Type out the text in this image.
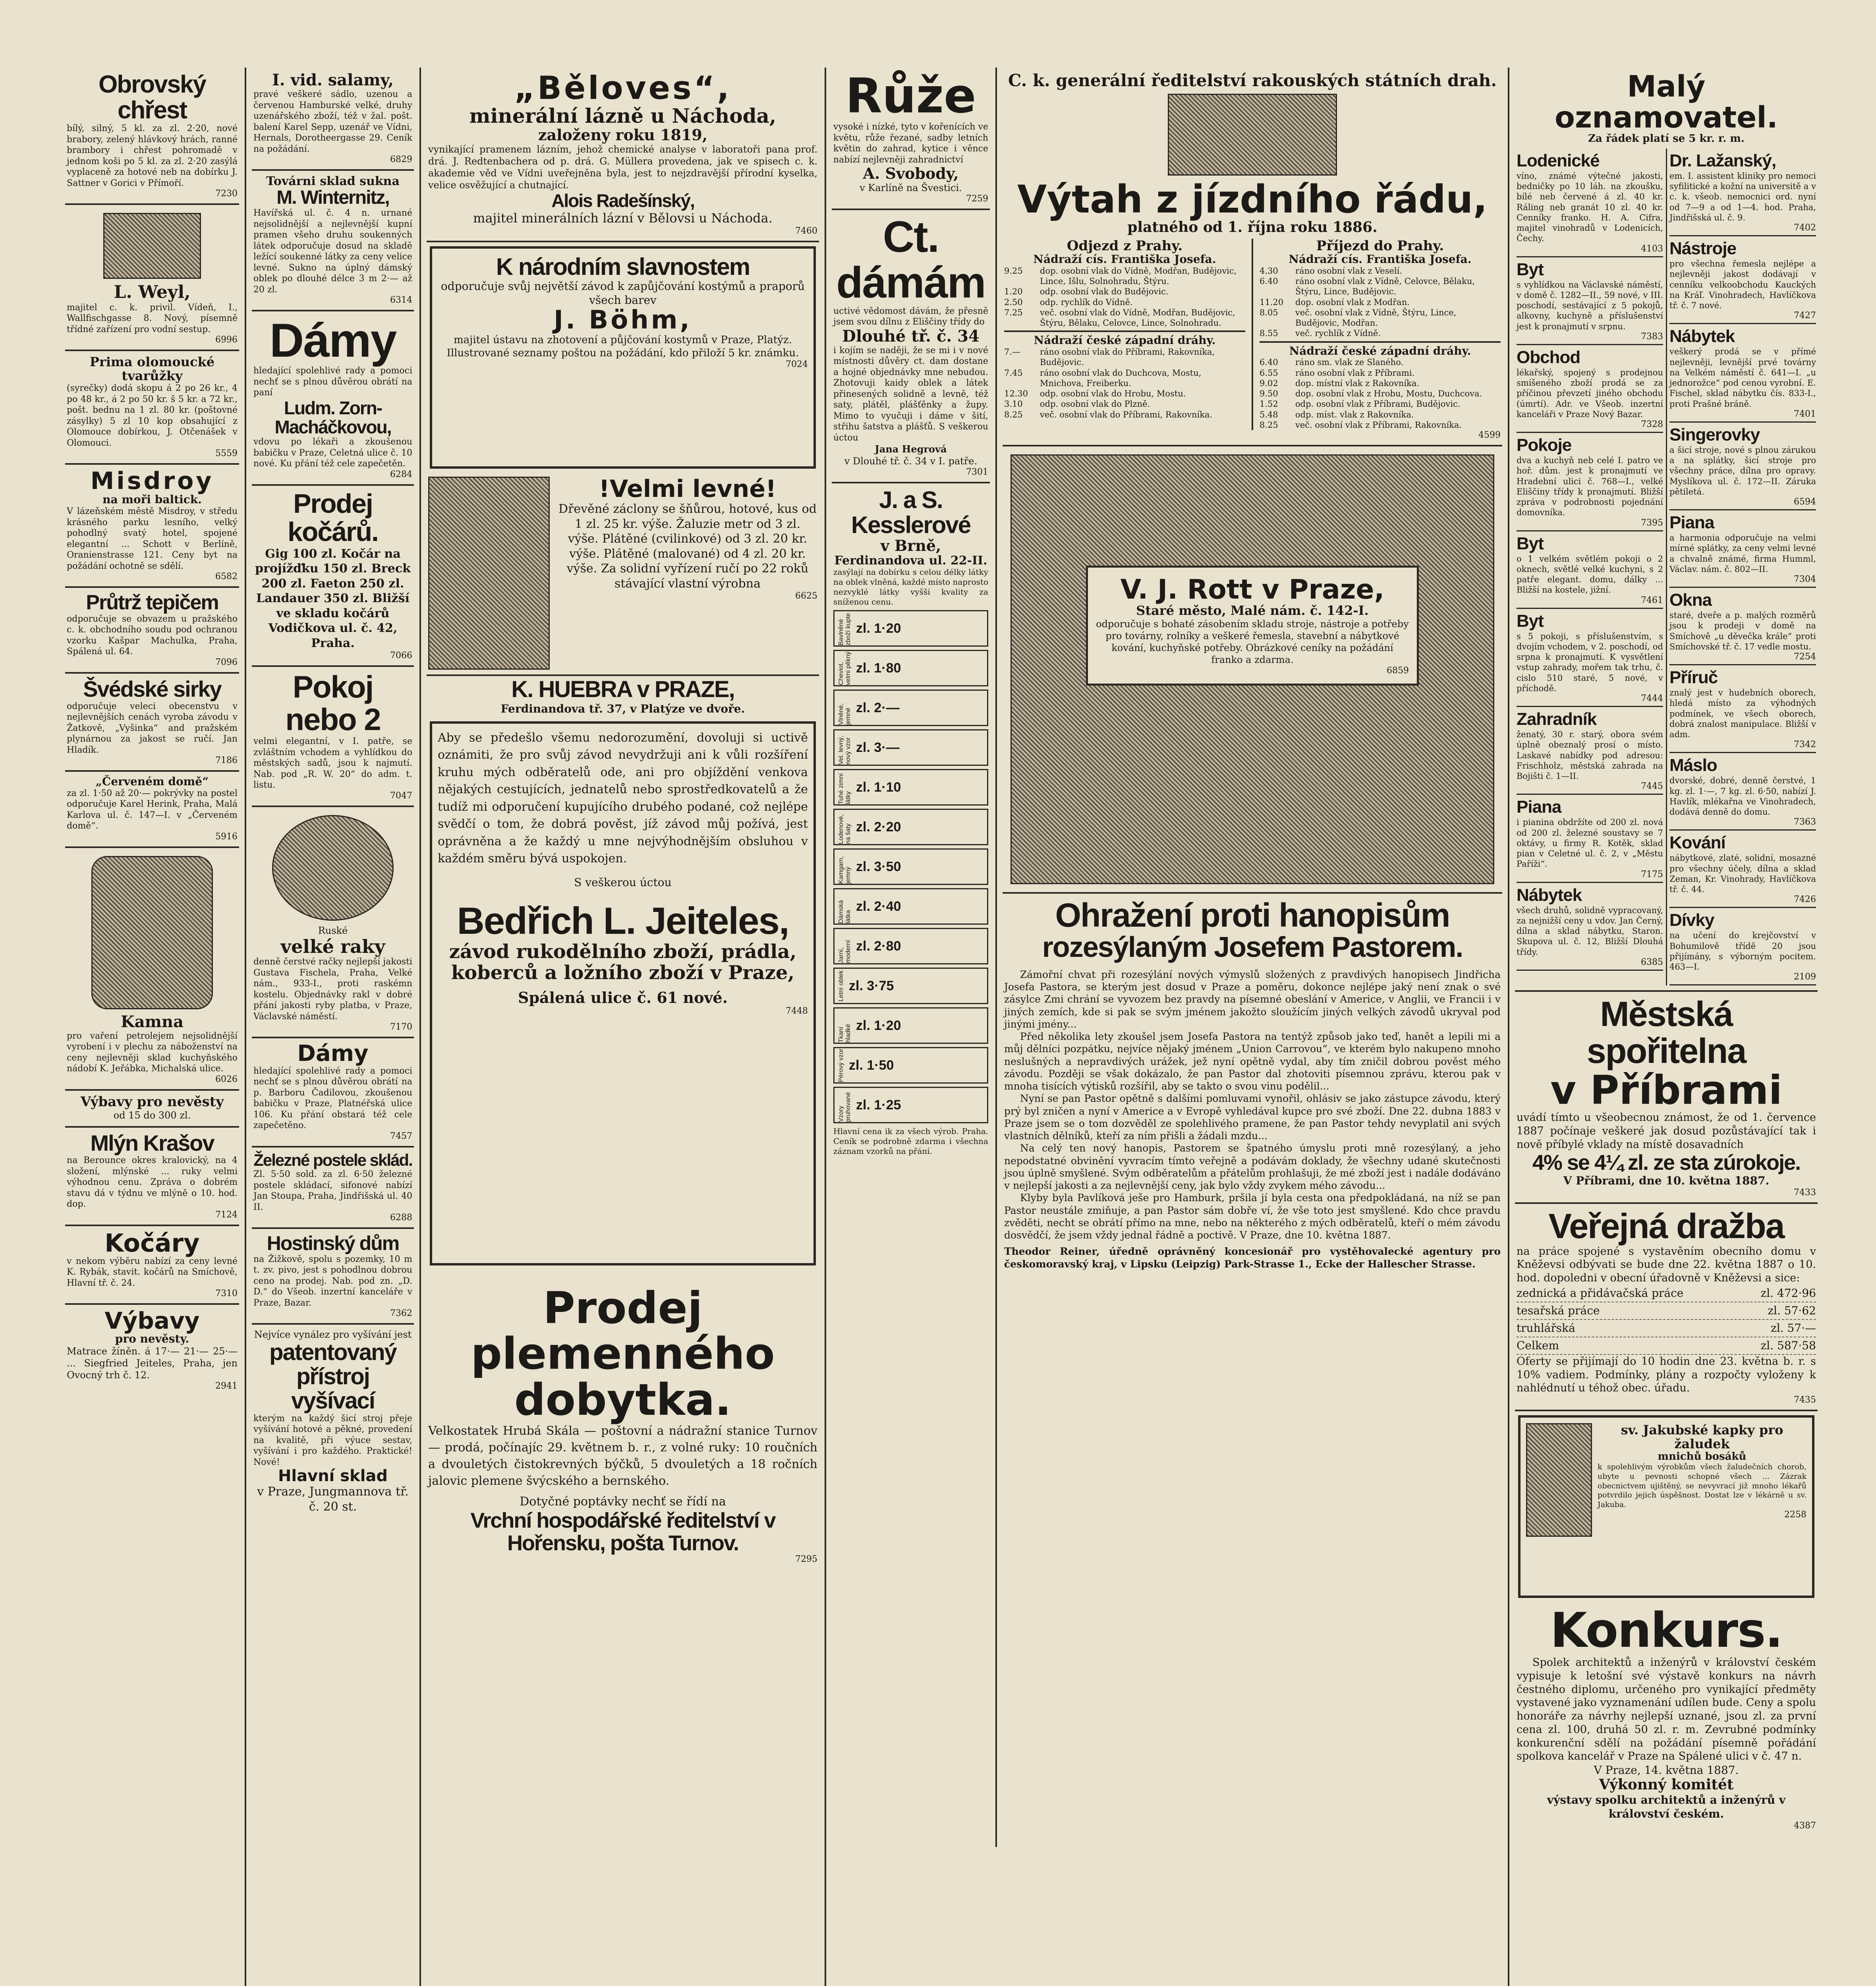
Obrovský chřest
bílý, silný, 5 kl. za zl. 2·20, nové brabory, zelený hlávkový hrách, ranné brambory i chřest pohromadě v jednom koši po 5 kl. za zl. 2·20 zasýlá vyplaceně za hotové neb na dobírku J. Sattner v Gorici v Přímoří.
7230
L. Weyl,
majitel c. k. privil. Vídeň, I., Wallfischgasse 8. Nový, písemně třídné zařízení pro vodní sestup.
6996
Prima olomoucké tvarůžky
(syrečky) dodá skopu á 2 po 26 kr., 4 po 48 kr., á 2 po 50 kr. š 5 kr. a 72 kr., pošt. bednu na 1 zl. 80 kr. (poštovné zásylky) 5 zl 10 kop obsahující z Olomouce dobírkou, J. Otčenášek v Olomouci.
5559
Misdroy
na moři baltick.
V lázeňském městě Misdroy, v středu krásného parku lesního, velký pohodlný svatý hotel, spojené elegantní ... Schott v Berlíně, Oranienstrasse 121. Ceny byt na požádání ochotně se sdělí.
6582
Průtrž tepičem
odporučuje se obvazem u pražského c. k. obchodního soudu pod ochranou vzorku Kašpar Machulka, Praha, Spálená ul. 64.
7096
Švédské sirky
odporučuje veleci obecenstvu v nejlevnějších cenách vyroba závodu v Žatkově, „Vyšinka“ and pražském plynárnou za jakost se ručí. Jan Hladík.
7186
„Červeném domě“
za zl. 1·50 až 20·— pokrývky na postel odporučuje Karel Herink, Praha, Malá Karlova ul. č. 147—I. v „Červeném domě“.
5916
Kamna
pro vaření petrolejem nejsolidnější vyrobení i v plechu za náboženství na ceny nejlevněji sklad kuchyňského nádobí K. Jeřábka, Michalská ulice.
6026
Výbavy pro nevěsty
od 15 do 300 zl.
Mlýn Krašov
na Berounce okres kralovický, na 4 složení, mlýnské ... ruky velmi výhodnou cenu. Zpráva o dobrém stavu dá v týdnu ve mlýně o 10. hod. dop.
7124
Kočáry
v nekom výběru nabízí za ceny levné K. Rybák, stavit. kočárů na Smíchově, Hlavní tř. č. 24.
7310
Výbavy
pro nevěsty.
Matrace žíněn. á 17·— 21·— 25·— ... Siegfried Jeiteles, Praha, jen Ovocný trh č. 12.
2941
I. vid. salamy,
pravé veškeré sádlo, uzenou a červenou Hamburské velké, druhy uzenářského zboží, též v žal. pošt. balení Karel Sepp, uzenář ve Vídni, Hernals, Dorotheergasse 29. Ceník na požádání.
6829
Továrni sklad sukna
M. Winternitz,
Havířská ul. č. 4 n. urnané nejsolidnější a nejlevnější kupní pramen všeho druhu soukenných látek odporučuje dosud na skladě ležící soukenné látky za ceny velice levné. Sukno na úplný dámský oblek po dlouhé délce 3 m 2·— až 20 zl.
6314
Dámy
hledající spolehlivé rady a pomoci nechť se s plnou důvěrou obrátí na paní
Ludm. Zorn-Macháčkovou,
vdovu po lékaři a zkoušenou babičku v Praze, Celetná ulice č. 10 nové. Ku přání též cele zapečetěn.
6284
Prodej kočárů.
Gig 100 zl. Kočár na projížďku 150 zl. Breck 200 zl. Faeton 250 zl. Landauer 350 zl. Bližší ve skladu kočárů Vodičkova ul. č. 42, Praha.
7066
Pokoj nebo 2
velmi elegantní, v I. patře, se zvláštním vchodem a vyhlídkou do městských sadů, jsou k najmutí. Nab. pod „R. W. 20“ do adm. t. listu.
7047
Ruské
velké raky
denně čerstvé račky nejlepší jakosti Gustava Fischela, Praha, Velké nám., 933-I., proti raskémn kostelu. Objednávky rakl v dobré přání jakosti ryby platba, v Praze, Václavské náměstí.
7170
Dámy
hledající spolehlivé rady a pomoci nechť se s plnou důvěrou obrátí na p. Barboru Čadilovou, zkoušenou babičku v Praze, Platnéřská ulice 106. Ku přání obstará též cele zapečetěno.
7457
Železné postele sklád.
Zl. 5·50 sold. za zl. 6·50 železné postele skládací, sifonové nabízí Jan Stoupa, Praha, Jindřišská ul. 40 II.
6288
Hostinský dům
na Žižkově, spolu s pozemky, 10 m t. zv. pivo, jest s pohodlnou dobrou ceno na prodej. Nab. pod zn. „D. D.“ do Všeob. inzertní kanceláře v Praze, Bazar.
7362
Nejvíce vynález pro vyšívání jest
patentovaný přístroj vyšívací
kterým na každý šicí stroj přeje vyšívání hotové a pěkné, provedení na kvalitě, při výuce sestav, vyšívání i pro každého. Praktické! Nové!
Hlavní sklad
v Praze, Jungmannova tř. č. 20 st.
„Běloves“,
minerální lázně u Náchoda,
založeny roku 1819,
vynikající pramenem lázním, jehož chemické analyse v laboratoři pana prof. drá. J. Redtenbachera od p. drá. G. Müllera provedena, jak ve spisech c. k. akademie věd ve Vídni uveřejněna byla, jest to nejzdravější přírodní kyselka, velice osvěžující a chutnající.
Alois Radešínský,
majitel minerálních lázní v Bělovsi u Náchoda.
7460
K národním slavnostem
odporučuje svůj největší závod k zapůjčování kostýmů a praporů všech barev
J. Böhm,
majitel ústavu na zhotovení a půjčování kostymů v Praze, Platýz. Illustrované seznamy poštou na požádání, kdo přiloží 5 kr. známku.
7024
!Velmi levné!
Dřevěné záclony se šňůrou, hotové, kus od 1 zl. 25 kr. výše. Žaluzie metr od 3 zl. výše. Plátěné (cvilinkové) od 3 zl. 20 kr. výše. Plátěné (malované) od 4 zl. 20 kr. výše. Za solidní vyřízení ručí po 22 roků stávající vlastní výrobna
6625
K. HUEBRA v PRAZE,
Ferdinandova tř. 37, v Platýze ve dvoře.
Aby se předešlo všemu nedorozumění, dovoluji si uctivě oznámiti, že pro svůj závod nevydržuji ani k vůli rozšíření kruhu mých odběratelů ode, ani pro objíždění venkova nějakých cestujících, jednatelů nebo sprostředkovatelů a že tudíž mi odporučení kupujícího drubého podané, což nejlépe svědčí o tom, že dobrá pověst, jíž závod můj požívá, jest oprávněna a že každý u mne nejvýhodnějším obsluhou v každém směru bývá uspokojen.
S veškerou úctou
Bedřich L. Jeiteles,
závod rukodělního zboží, prádla, koberců a ložního zboží v Praze,
Spálená ulice č. 61 nové.
7448
Prodej plemenného dobytka.
Velkostatek Hrubá Skála — poštovní a nádražní stanice Turnov — prodá, počínajíc 29. květnem b. r., z volné ruky: 10 roučních a dvouletých čistokrevných býčků, 5 dvouletých a 18 ročních jalovic plemene švýcského a bernského.
Dotyčné poptávky nechť se řídí na
Vrchní hospodářské ředitelství v Hořensku, pošta Turnov.
7295
Růže
vysoké i nízké, tyto v kořenících ve květu, růže řezané, sadby letních květin do zahrad, kytice i věnce nabízí nejlevněji zahradnictví
A. Svobody,
v Karlíně na Švestici.
7259
Ct. dámám
uctivé vědomost dávám, že přesně jsem svou dílnu z Eliščiny třídy do
Dlouhé tř. č. 34
i kojím se naději, že se mi i v nové místnosti důvěry ct. dam dostane a hojné objednávky mne nebudou. Zhotovuji kaidy oblek a látek přinesených solidně a levně, též saty, plátěl, plášťěnky a župy. Mimo to vyučuji i dáme v šití, střihu šatstva a plášťů. S veškerou úctou
Jana Hegrová
v Dlouhé tř. č. 34 v I. patře.
7301
J. a S. Kesslerové
v Brně,
Ferdinandova ul. 22-II.
zasýlají na dobírku s celou délky látky na oblek vlněná, každé místo naprosto nezvyklé látky vyšší kvality za sníženou cenu.
Bavlněné zboží kupte zl. 1·20
Cheviot, velmi pěkný zl. 1·80
Vlněné, jemné zl. 2·—
Vel. levný, nový vzor zl. 3·—
Tuhé zimní látky
zl. 1·10
Lodenové, na šaty zl. 2·20
Kamgarn, jemný
zl. 3·50
Dámská látka
zl. 2·40
Jarní, moderní zl. 2·80
Letní oblek zl. 3·75
Tkaní hladké zl. 1·20
Pérový vzor zl. 1·50
Vzory pruhované zl. 1·25
Hlavní cena ik za všech výrob. Praha. Ceník se podrobně zdarma i všechna záznam vzorků na přání.
C. k. generální ředitelství rakouských státních drah.
Výtah z jízdního řádu,
platného od 1. října roku 1886.
Odjezd z Prahy.
Nádraží cís. Františka Josefa.
9.25	dop. osobní vlak do Vídně, Modřan, Budějovic, Lince, Išlu, Solnohradu, Štýru.
1.20	odp. osobní vlak do Budějovic.
2.50	odp. rychlík do Vídně.
7.25	več. osobní vlak do Vídně, Modřan, Budějovic, Štýru, Bělaku, Celovce, Lince, Solnohradu.
Nádraží české západní dráhy.
7.—	ráno osobní vlak do Příbrami, Rakovníka, Budějovic.
7.45	ráno osobní vlak do Duchcova, Mostu, Mnichova, Freiberku.
12.30	odp. osobní vlak do Hrobu, Mostu.
3.10	odp. osobní vlak do Plzně.
8.25	več. osobní vlak do Příbrami, Rakovníka.
Příjezd do Prahy.
Nádraží cís. Františka Josefa.
4.30	ráno osobní vlak z Veselí.
6.40	ráno osobní vlak z Vídně, Celovce, Bělaku, Štýru, Lince, Budějovic.
11.20	dop. osobní vlak z Modřan.
8.05	več. osobní vlak z Vídně, Štýru, Lince, Budějovic, Modřan.
8.55	več. rychlík z Vídně.
Nádraží české západní dráhy.
6.40	ráno sm. vlak ze Slaného.
6.55	ráno osobní vlak z Příbrami.
9.02	dop. místní vlak z Rakovníka.
9.50	dop. osobní vlak z Hrobu, Mostu, Duchcova.
1.52	odp. osobní vlak z Příbrami, Budějovic.
5.48	odp. míst. vlak z Rakovníka.
8.25	več. osobní vlak z Příbrami, Rakovníka.
4599
V. J. Rott v Praze,
Staré město, Malé nám. č. 142-I.
odporučuje s bohaté zásobením skladu stroje, nástroje a potřeby pro továrny, rolníky a veškeré řemesla, stavební a nábytkové kování, kuchyňské potřeby. Obrázkové ceníky na požádání franko a zdarma.
6859
Ohražení proti hanopisům
rozesýlaným Josefem Pastorem.
Zámořní chvat při rozesýlání nových výmyslů složených z pravdivých hanopisech Jindřicha Josefa Pastora, se kterým jest dosud v Praze a poměru, dokonce nejlépe jaký není znak o své zásylce Zmi chrání se vyvozem bez pravdy na písemné obeslání v Americe, v Anglii, ve Francii i v jiných zemích, kde si pak se svým jménem jakožto sloužícím jiných velkých závodů ukryval pod jinými jmény...
Před několika lety zkoušel jsem Josefa Pastora na tentýž způsob jako teď, hanět a lepili mi a můj dělníci pozpátku, nejvíce nějaký jménem „Union Carrovou“, ve kterém bylo nakupeno mnoho neslušných a nepravdivých urážek, jež nyní opětně vydal, aby tím zničil dobrou pověst mého závodu. Později se však dokázalo, že pan Pastor dal zhotoviti písemnou zprávu, kterou pak v mnoha tisících výtisků rozšířil, aby se takto o svou vinu podělil...
Nyní se pan Pastor opětně s dalšími pomluvami vynořil, ohlásiv se jako zástupce závodu, který prý byl zničen a nyní v Americe a v Evropě vyhledával kupce pro své zboží. Dne 22. dubna 1883 v Praze jsem se o tom dozvěděl ze spolehlivého pramene, že pan Pastor tehdy nevyplatil ani svých vlastních dělníků, kteří za ním přišli a žádali mzdu...
Na celý ten nový hanopis, Pastorem se špatného úmyslu proti mně rozesýlaný, a jeho nepodstatné obvinění vyvracím tímto veřejně a podávám doklady, že všechny udané skutečnosti jsou úplně smyšlené. Svým odběratelům a přátelům prohlašuji, že mé zboží jest i nadále dodáváno v nejlepší jakosti a za nejlevnější ceny, jak bylo vždy zvykem mého závodu...
Klyby byla Pavlíková ješe pro Hamburk, pršila jí byla cesta ona předpokládaná, na níž se pan Pastor neustále zmiňuje, a pan Pastor sám dobře ví, že vše toto jest smyšlené. Kdo chce pravdu zvěděti, necht se obrátí přímo na mne, nebo na některého z mých odběratelů, kteří o mém závodu dosvědčí, že jsem vždy jednal řádně a poctivě. V Praze, dne 10. května 1887.
Theodor Reiner, úředně oprávněný koncesionář pro vystěhovalecké agentury pro českomoravský kraj, v Lipsku (Leipzig) Park-Strasse 1., Ecke der Hallescher Strasse.
Malý oznamovatel.
Za řádek platí se 5 kr. r. m.
Lodenické
víno, známé výtečné jakosti, bedničky po 10 láh. na zkoušku, bílé neb červené á zl. 40 kr. Ráling neb granát 10 zl. 40 kr. Cenníky franko. H. A. Cifra, majitel vinohradů v Lodenicích, Čechy.
4103
Byt
s vyhlídkou na Václavské náměstí, v domě č. 1282—II., 59 nové, v III. poschodí, sestávající z 5 pokojů, alkovny, kuchyně a příslušenství jest k pronajmutí v srpnu.
7383
Obchod
lékařský, spojený s prodejnou smíšeného zboží prodá se za příčinou převzetí jiného obchodu (úmrtí). Adr. ve Všeob. inzertní kanceláři v Praze Nový Bazar.
7328
Pokoje
dva a kuchyň neb celé I. patro ve hoř. dům. jest k pronajmutí ve Hradební ulici č. 768—I., velké Eliščiny třídy k pronajmutí. Bližší zpráva v podrobnosti pojednání domovníka.
7395
Byt
o 1 velkém světlém pokoji o 2 oknech, světlé velké kuchyni, s 2 patře elegant. domu, dálky ... Bližší na kostele, jižní.
7461
Byt
s 5 pokoji, s příslušenstvím, s dvojím vchodem, v 2. poschodí, od srpna k pronajmutí. K vysvětlení vstup zahrady, mořem tak trhu, č. cislo 510 staré, 5 nové, v příchodě.
7444
Zahradník
ženatý, 30 r. starý, obora svém úplně obeznalý prosí o místo. Laskavé nabídky pod adresou: Frischholz, městská zahrada na Bojišti č. 1—II.
7445
Piana
i pianina obdržíte od 200 zl. nová od 200 zl. železné soustavy se 7 oktávy, u firmy R. Kotěk, sklad pian v Celetné ul. č. 2, v „Městu Paříži“.
7175
Nábytek
všech druhů, solidně vypracovaný, za nejnižší ceny u vdov. Jan Černý, dílna a sklad nábytku, Staron. Skupova ul. č. 12, Bližší Dlouhá třídy.
6385
Dr. Lažanský,
em. I. assistent kliniky pro nemoci syfilitické a kožní na universitě a v c. k. všeob. nemocnici ord. nyní od 7—9 a od 1—4. hod. Praha, Jindřišská ul. č. 9.
7402
Nástroje
pro všechna řemesla nejlépe a nejlevněji jakost dodávají v cenníku velkoobchodu Kauckých na Kráľ. Vinohradech, Havlíčkova tř. č. 7 nové.
7427
Nábytek
veškerý prodá se v přímé nejlevněji, levnější prvé továrny na Velkém náměstí č. 641—I. „u jednorožce“ pod cenou vyrobní. E. Fischel, sklad nábytku čís. 833-I., proti Prašné bráně.
7401
Singerovky
a šicí stroje, nové s plnou zárukou a na splátky, šicí stroje pro všechny práce, dílna pro opravy. Myslíkova ul. č. 172—II. Záruka pětiletá.
6594
Piana
a harmonia odporučuje na velmi mírné splátky, za ceny velmi levné a chvalně známé, firma Humml, Václav. nám. č. 802—II.
7304
Okna
staré, dveře a p. malých rozměrů jsou k prodeji v domě na Smíchově „u děvečka krále“ proti Smíchovské tř. č. 17 vedle mostu.
7254
Příruč
znalý jest v hudebních oborech, hledá místo za výhodných podmínek, ve všech oborech, dobrá znalost manipulace. Bližší v adm.
7342
Máslo
dvorské, dobré, denně čerstvé, 1 kg. zl. 1·—, 7 kg. zl. 6·50, nabízí J. Havlík, mlékařna ve Vinohradech, dodává denně do domu.
7363
Kování
nábytkové, zlaté, solidní, mosazné pro všechny účely, dílna a sklad Zeman, Kr. Vinohrady, Havlíčkova tř. č. 44.
7426
Dívky
na učení do krejčovství v Bohumilově třídě 20 jsou přijímány, s výborným pocitem. 463—I.
2109
Městská spořitelna
v Příbrami
uvádí tímto u všeobecnou známost, že od 1. července 1887 počínaje veškeré jak dosud pozůstávající tak i nově příbylé vklady na místě dosavadních
4% se 4¼ zl. ze sta zúrokoje.
V Příbrami, dne 10. května 1887.
7433
Veřejná dražba
na práce spojené s vystavěním obecního domu v Kněževsi odbývati se bude dne 22. května 1887 o 10. hod. dopoledni v obecní úřadovně v Kněževsi a sice:
zednická a přidávačská práce	zl. 472·96
tesařská práce	zl. 57·62
truhlářská	zl. 57·—
Celkem	zl. 587·58
Oferty se přijímají do 10 hodin dne 23. května b. r. s 10% vadiem. Podmínky, plány a rozpočty vyloženy k nahlédnutí u téhož obec. úřadu.
7435
sv. Jakubské kapky pro žaludek
mnichů bosáků
k spolehlivým výrobkům všech žaludečních chorob, ubyte u pevnosti schopné všech ... Zázrak obecnictvem ujištěný, se nevyvrací již mnoho lékařů potvrdilo jejich úspěšnost. Dostat lze v lékárně u sv. Jakuba.
2258
Konkurs.
Spolek architektů a inženýrů v království českém vypisuje k letošní své výstavě konkurs na návrh čestného diplomu, určeného pro vynikající předměty vystavené jako vyznamenání udílen bude. Ceny a spolu honoráře za návrhy nejlepší uznané, jsou zl. za první cena zl. 100, druhá 50 zl. r. m. Zevrubné podmínky konkurenční sdělí na požádání písemně pořádání spolkova kancelář v Praze na Spálené ulici v č. 47 n.
V Praze, 14. května 1887.
Výkonný komitét
výstavy spolku architektů a inženýrů v království českém.
4387
